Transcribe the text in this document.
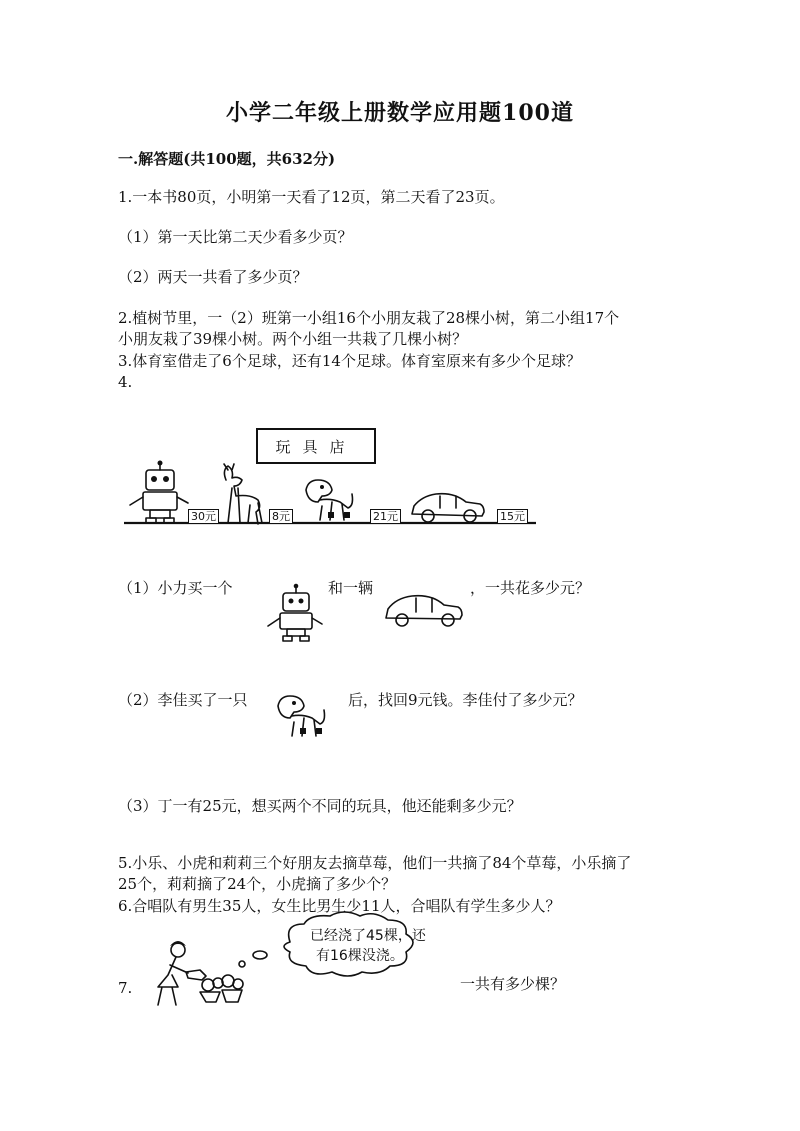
小学二年级上册数学应用题100道
一.解答题(共100题，共632分)
1.一本书80页，小明第一天看了12页，第二天看了23页。
（1）第一天比第二天少看多少页？
（2）两天一共看了多少页？
2.植树节里，一（2）班第一小组16个小朋友栽了28棵小树，第二小组17个
小朋友栽了39棵小树。两个小组一共栽了几棵小树？
3.体育室借走了6个足球，还有14个足球。体育室原来有多少个足球？
4.
玩具店
30元	8元	21元	15元
（1）小力买一个	和一辆	，一共花多少元？
（2）李佳买了一只	后，找回9元钱。李佳付了多少元？
（3）丁一有25元，想买两个不同的玩具，他还能剩多少元？
5.小乐、小虎和莉莉三个好朋友去摘草莓，他们一共摘了84个草莓，小乐摘了
25个，莉莉摘了24个，小虎摘了多少个？
6.合唱队有男生35人，女生比男生少11人，合唱队有学生多少人？
7.
已经浇了45棵，还
有16棵没浇。
一共有多少棵？
